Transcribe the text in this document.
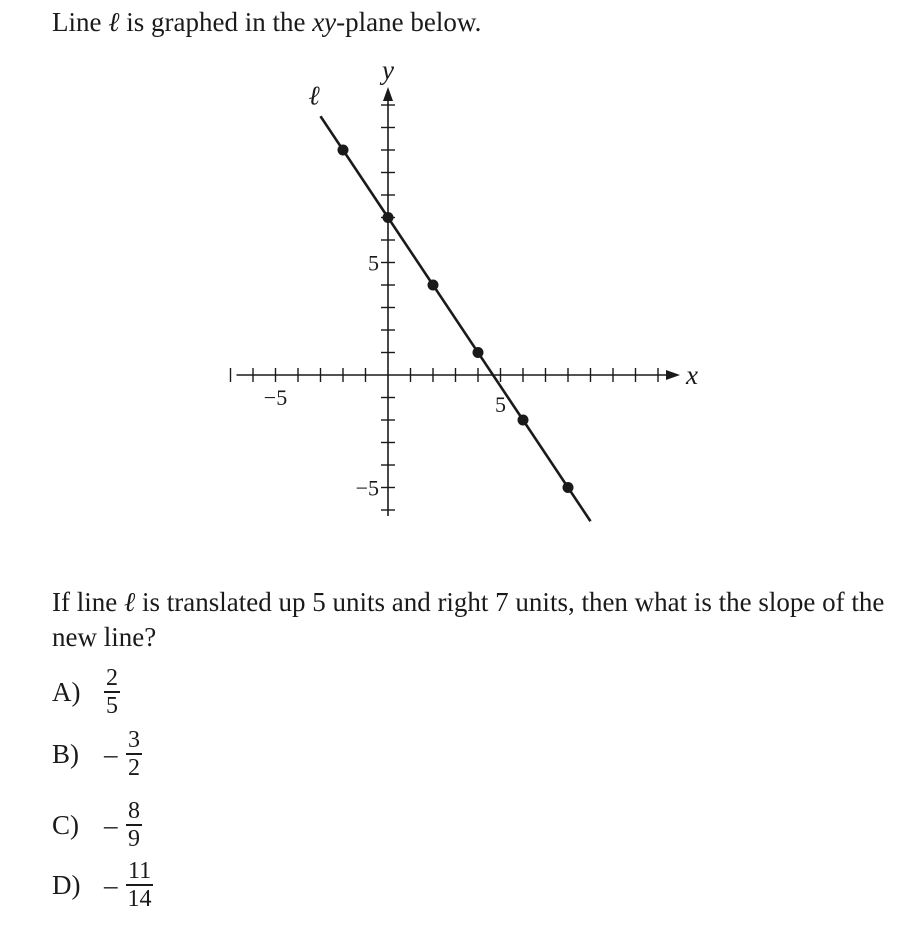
Line ℓ is graphed in the xy-plane below.
x
y
5
−5
5
−5
ℓ
If line ℓ is translated up 5 units and right 7 units, then what is the slope of the new line?
$A) \frac{2}{5}$
$B) - \frac{3}{2}$
$C) - \frac{8}{9}$
$D) - \frac{11}{14}$
